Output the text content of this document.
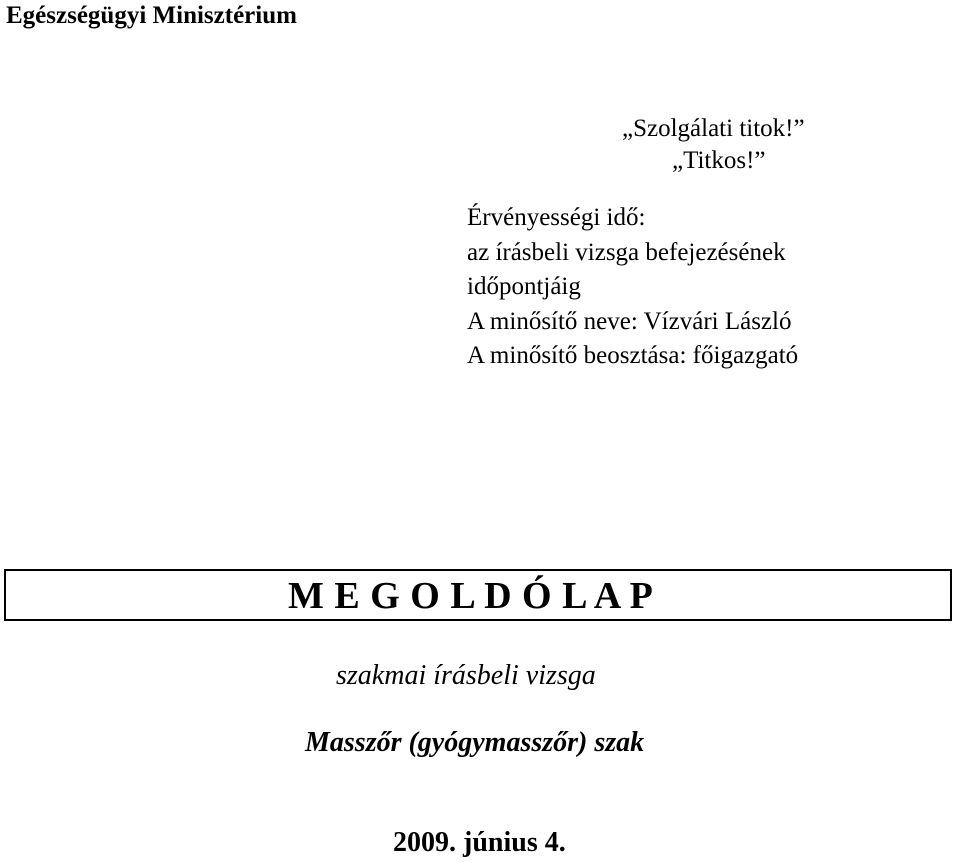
Egészségügyi Minisztérium
„Szolgálati titok!”
„Titkos!”
Érvényességi idő:
az írásbeli vizsga befejezésének
időpontjáig
A minősítő neve: Vízvári László
A minősítő beosztása: főigazgató
M E G O L D Ó L A P
szakmai írásbeli vizsga
Masszőr (gyógymasszőr) szak
2009. június 4.
